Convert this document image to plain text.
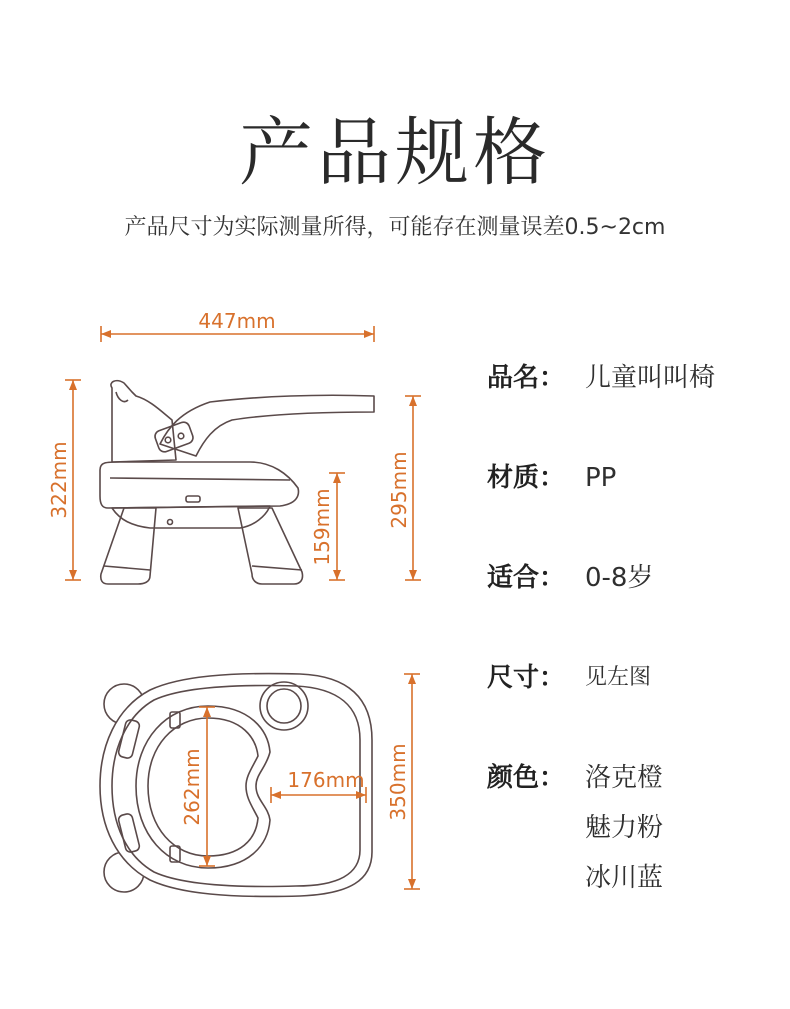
产品规格
产品尺寸为实际测量所得，可能存在测量误差0.5~2cm
447mm
322mm
159mm	295mm
262mm	176mm 350mm
品名： 儿童叫叫椅
材质： PP
适合： 0-8岁
尺寸： 见左图
颜色： 洛克橙
魅力粉
冰川蓝
